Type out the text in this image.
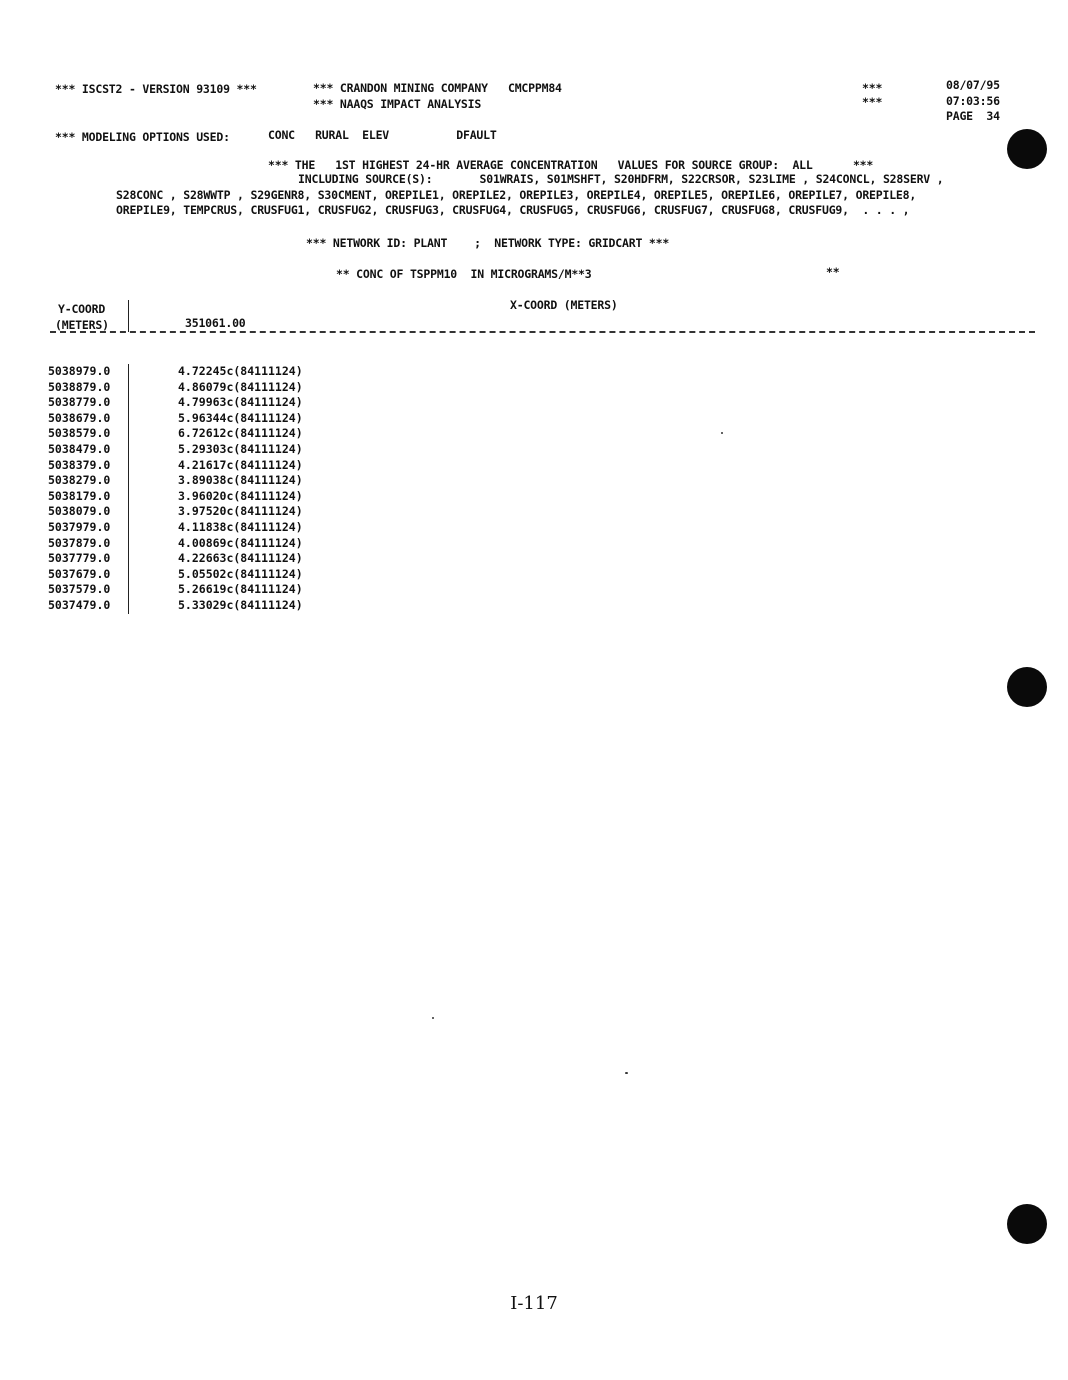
*** ISCST2 - VERSION 93109 ***	*** CRANDON MINING COMPANY   CMCPPM84
*** NAAQS IMPACT ANALYSIS
***
***
08/07/95
07:03:56
PAGE  34
*** MODELING OPTIONS USED:	CONC   RURAL  ELEV          DFAULT
*** THE   1ST HIGHEST 24-HR AVERAGE CONCENTRATION   VALUES FOR SOURCE GROUP:  ALL      ***
INCLUDING SOURCE(S):       S01WRAIS, S01MSHFT, S20HDFRM, S22CRSOR, S23LIME , S24CONCL, S28SERV ,
S28CONC , S28WWTP , S29GENR8, S30CMENT, OREPILE1, OREPILE2, OREPILE3, OREPILE4, OREPILE5, OREPILE6, OREPILE7, OREPILE8,
OREPILE9, TEMPCRUS, CRUSFUG1, CRUSFUG2, CRUSFUG3, CRUSFUG4, CRUSFUG5, CRUSFUG6, CRUSFUG7, CRUSFUG8, CRUSFUG9,  . . . ,
*** NETWORK ID: PLANT    ;  NETWORK TYPE: GRIDCART ***
** CONC OF TSPPM10  IN MICROGRAMS/M**3	**
Y-COORD
(METERS)
X-COORD (METERS)
351061.00
5038979.0	4.72245c(84111124)
5038879.0	4.86079c(84111124)
5038779.0	4.79963c(84111124)
5038679.0	5.96344c(84111124)
5038579.0	6.72612c(84111124)
5038479.0	5.29303c(84111124)
5038379.0	4.21617c(84111124)
5038279.0	3.89038c(84111124)
5038179.0	3.96020c(84111124)
5038079.0	3.97520c(84111124)
5037979.0	4.11838c(84111124)
5037879.0	4.00869c(84111124)
5037779.0	4.22663c(84111124)
5037679.0	5.05502c(84111124)
5037579.0	5.26619c(84111124)
5037479.0	5.33029c(84111124)
I-117
